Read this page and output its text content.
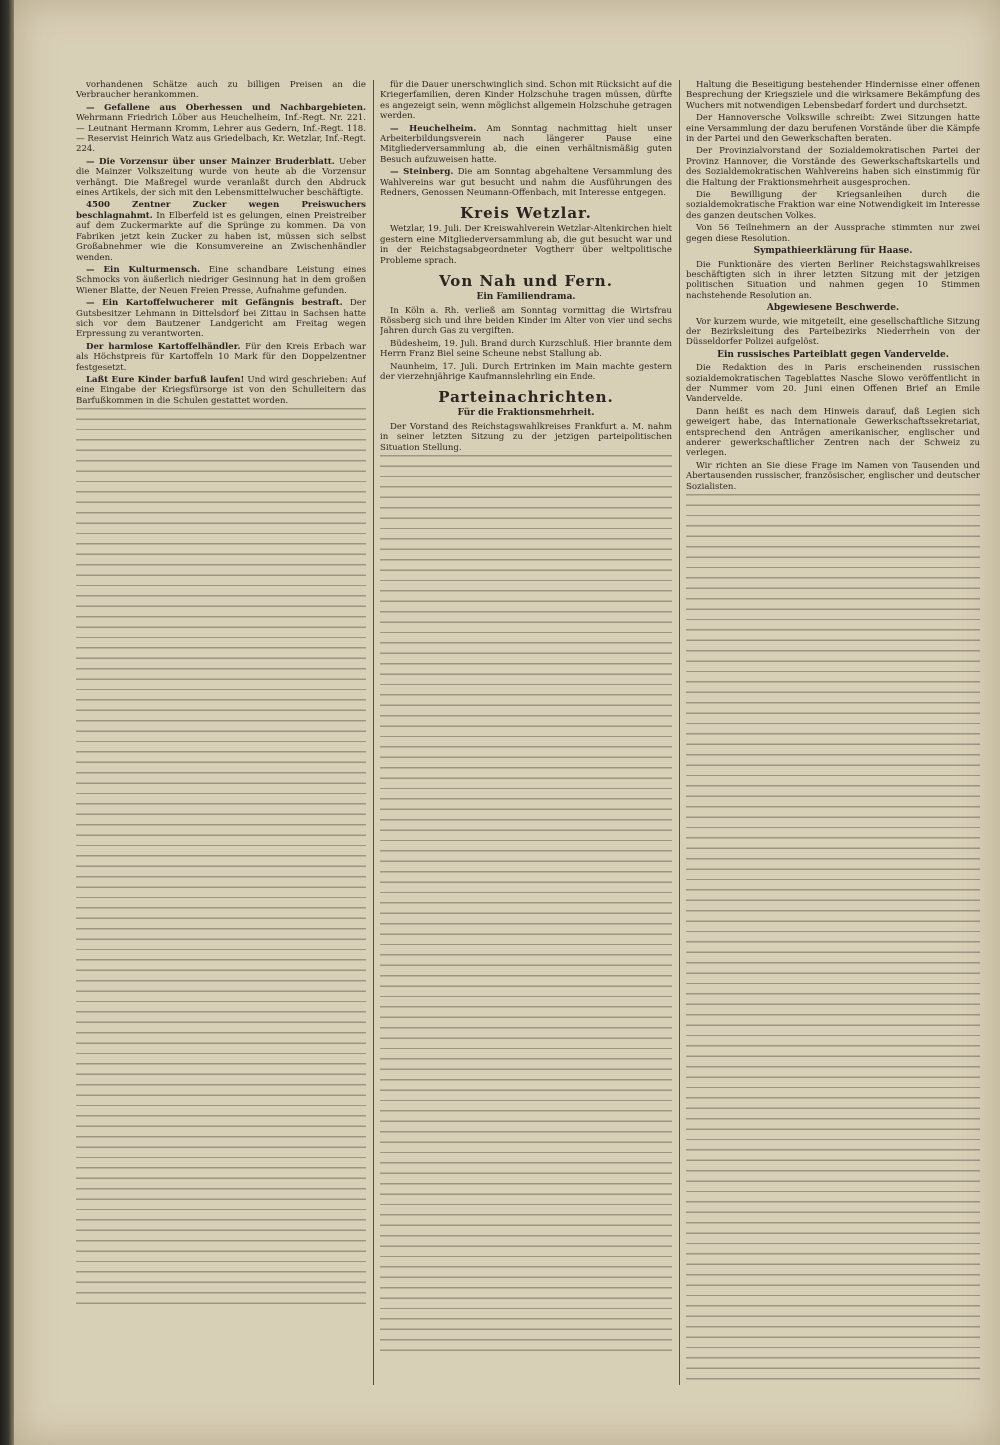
vorhandenen Schätze auch zu billigen Preisen an die Verbraucher herankommen.

— Gefallene aus Oberhessen und Nachbargebieten. Wehrmann Friedrich Löber aus Heuchelheim, Inf.-Regt. Nr. 221. — Leutnant Hermann Kromm, Lehrer aus Gedern, Inf.-Regt. 118. — Reservist Heinrich Watz aus Griedelbach, Kr. Wetzlar, Inf.-Regt. 224.

— Die Vorzensur über unser Mainzer Bruderblatt. Ueber die Mainzer Volkszeitung wurde von heute ab die Vorzensur verhängt. Die Maßregel wurde veranlaßt durch den Abdruck eines Artikels, der sich mit den Lebensmittelwucher beschäftigte.

4500 Zentner Zucker wegen Preiswuchers beschlagnahmt. In Elberfeld ist es gelungen, einen Preistreiber auf dem Zuckermarkte auf die Sprünge zu kommen. Da von Fabriken jetzt kein Zucker zu haben ist, müssen sich selbst Großabnehmer wie die Konsumvereine an Zwischenhändler wenden.

— Ein Kulturmensch. Eine schandbare Leistung eines Schmocks von äußerlich niedriger Gesinnung hat in dem großen Wiener Blatte, der Neuen Freien Presse, Aufnahme gefunden.

— Ein Kartoffelwucherer mit Gefängnis bestraft. Der Gutsbesitzer Lehmann in Dittelsdorf bei Zittau in Sachsen hatte sich vor dem Bautzener Landgericht am Freitag wegen Erpressung zu verantworten.

Der harmlose Kartoffelhändler. Für den Kreis Erbach war als Höchstpreis für Kartoffeln 10 Mark für den Doppelzentner festgesetzt.

Laßt Eure Kinder barfuß laufen! Und wird geschrieben: Auf eine Eingabe der Kriegsfürsorge ist von den Schulleitern das Barfußkommen in die Schulen gestattet worden.

für die Dauer unerschwinglich sind. Schon mit Rücksicht auf die Kriegerfamilien, deren Kinder Holzschuhe tragen müssen, dürfte es angezeigt sein, wenn möglichst allgemein Holzschuhe getragen werden.

— Heuchelheim. Am Sonntag nachmittag hielt unser Arbeiterbildungsverein nach längerer Pause eine Mitgliederversammlung ab, die einen verhältnismäßig guten Besuch aufzuweisen hatte.

— Steinberg. Die am Sonntag abgehaltene Versammlung des Wahlvereins war gut besucht und nahm die Ausführungen des Redners, Genossen Neumann-Offenbach, mit Interesse entgegen.

Kreis Wetzlar.

Wetzlar, 19. Juli. Der Kreiswahlverein Wetzlar-Altenkirchen hielt gestern eine Mitgliederversammlung ab, die gut besucht war und in der Reichstagsabgeordneter Vogtherr über weltpolitische Probleme sprach.

Von Nah und Fern.
Ein Familiendrama.

In Köln a. Rh. verließ am Sonntag vormittag die Wirtsfrau Rössberg sich und ihre beiden Kinder im Alter von vier und sechs Jahren durch Gas zu vergiften.

Büdesheim, 19. Juli. Brand durch Kurzschluß. Hier brannte dem Herrn Franz Biel seine Scheune nebst Stallung ab.

Naunheim, 17. Juli. Durch Ertrinken im Main machte gestern der vierzehnjährige Kaufmannslehrling ein Ende.

Parteinachrichten.
Für die Fraktionsmehrheit.

Der Vorstand des Reichstagswahlkreises Frankfurt a. M. nahm in seiner letzten Sitzung zu der jetzigen parteipolitischen Situation Stellung.

Haltung die Beseitigung bestehender Hindernisse einer offenen Besprechung der Kriegsziele und die wirksamere Bekämpfung des Wuchers mit notwendigen Lebensbedarf fordert und durchsetzt.

Der Hannoversche Volkswille schreibt: Zwei Sitzungen hatte eine Versammlung der dazu berufenen Vorstände über die Kämpfe in der Partei und den Gewerkschaften beraten.

Der Provinzialvorstand der Sozialdemokratischen Partei der Provinz Hannover, die Vorstände des Gewerkschaftskartells und des Sozialdemokratischen Wahlvereins haben sich einstimmig für die Haltung der Fraktionsmehrheit ausgesprochen.

Die Bewilligung der Kriegsanleihen durch die sozialdemokratische Fraktion war eine Notwendigkeit im Interesse des ganzen deutschen Volkes.

Von 56 Teilnehmern an der Aussprache stimmten nur zwei gegen diese Resolution.

Sympathieerklärung für Haase.

Die Funktionäre des vierten Berliner Reichstagswahlkreises beschäftigten sich in ihrer letzten Sitzung mit der jetzigen politischen Situation und nahmen gegen 10 Stimmen nachstehende Resolution an.

Abgewiesene Beschwerde.

Vor kurzem wurde, wie mitgeteilt, eine gesellschaftliche Sitzung der Bezirksleitung des Parteibezirks Niederrhein von der Düsseldorfer Polizei aufgelöst.

Ein russisches Parteiblatt gegen Vandervelde.

Die Redaktion des in Paris erscheinenden russischen sozialdemokratischen Tageblattes Nasche Slowo veröffentlicht in der Nummer vom 20. Juni einen Offenen Brief an Emile Vandervelde.

Dann heißt es nach dem Hinweis darauf, daß Legien sich geweigert habe, das Internationale Gewerkschaftssekretariat, entsprechend den Anträgen amerikanischer, englischer und anderer gewerkschaftlicher Zentren nach der Schweiz zu verlegen.

Wir richten an Sie diese Frage im Namen von Tausenden und Abertausenden russischer, französischer, englischer und deutscher Sozialisten.
